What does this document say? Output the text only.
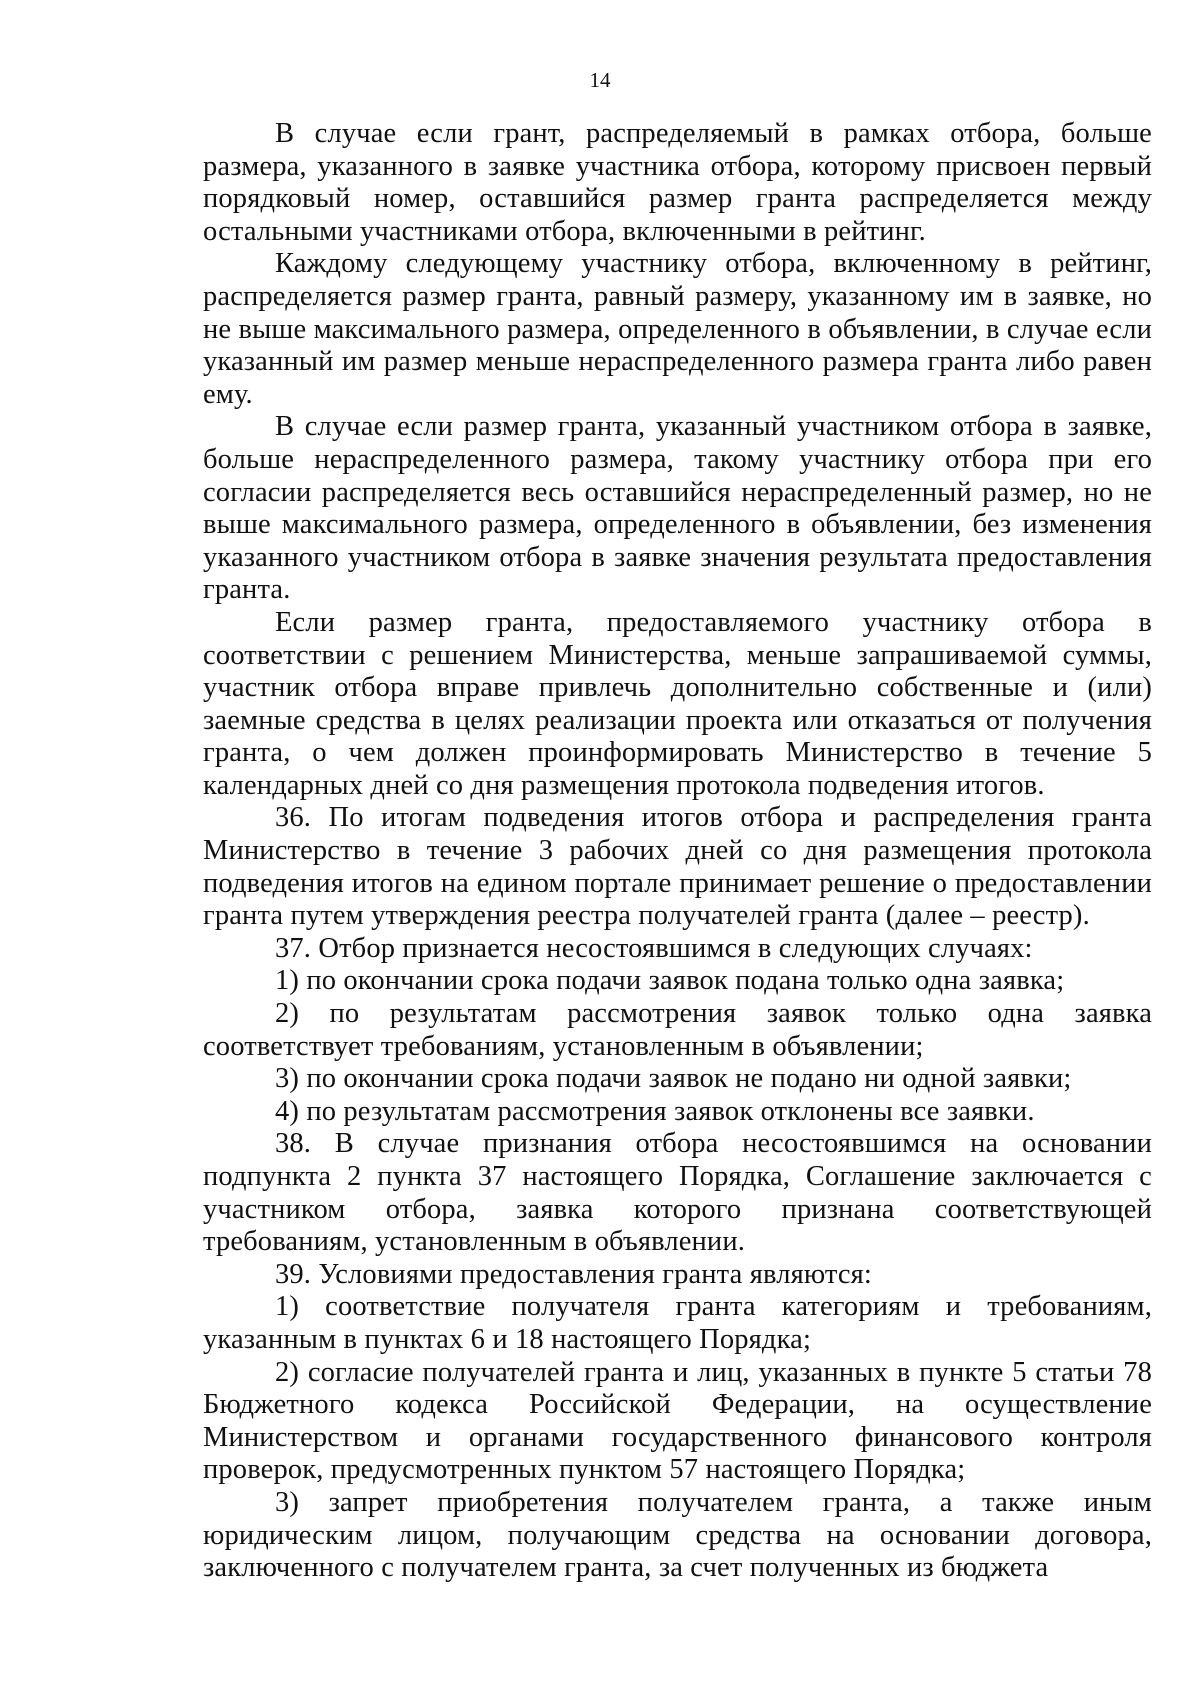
14

В случае если грант, распределяемый в рамках отбора, больше размера, указанного в заявке участника отбора, которому присвоен первый порядковый номер, оставшийся размер гранта распределяется между остальными участниками отбора, включенными в рейтинг.

Каждому следующему участнику отбора, включенному в рейтинг, распределяется размер гранта, равный размеру, указанному им в заявке, но не выше максимального размера, определенного в объявлении, в случае если указанный им размер меньше нераспределенного размера гранта либо равен ему.

В случае если размер гранта, указанный участником отбора в заявке, больше нераспределенного размера, такому участнику отбора при его согласии распределяется весь оставшийся нераспределенный размер, но не выше максимального размера, определенного в объявлении, без изменения указанного участником отбора в заявке значения результата предоставления гранта.

Если размер гранта, предоставляемого участнику отбора в соответствии с решением Министерства, меньше запрашиваемой суммы, участник отбора вправе привлечь дополнительно собственные и (или) заемные средства в целях реализации проекта или отказаться от получения гранта, о чем должен проинформировать Министерство в течение 5 календарных дней со дня размещения протокола подведения итогов.

36. По итогам подведения итогов отбора и распределения гранта Министерство в течение 3 рабочих дней со дня размещения протокола подведения итогов на едином портале принимает решение о предоставлении гранта путем утверждения реестра получателей гранта (далее – реестр).

37. Отбор признается несостоявшимся в следующих случаях:

1) по окончании срока подачи заявок подана только одна заявка;

2) по результатам рассмотрения заявок только одна заявка соответствует требованиям, установленным в объявлении;

3) по окончании срока подачи заявок не подано ни одной заявки;

4) по результатам рассмотрения заявок отклонены все заявки.

38. В случае признания отбора несостоявшимся на основании подпункта 2 пункта 37 настоящего Порядка, Соглашение заключается с участником отбора, заявка которого признана соответствующей требованиям, установленным в объявлении.

39. Условиями предоставления гранта являются:

1) соответствие получателя гранта категориям и требованиям, указанным в пунктах 6 и 18 настоящего Порядка;

2) согласие получателей гранта и лиц, указанных в пункте 5 статьи 78 Бюджетного кодекса Российской Федерации, на осуществление Министерством и органами государственного финансового контроля проверок, предусмотренных пунктом 57 настоящего Порядка;

3) запрет приобретения получателем гранта, а также иным юридическим лицом, получающим средства на основании договора, заключенного с получателем гранта, за счет полученных из бюджета
